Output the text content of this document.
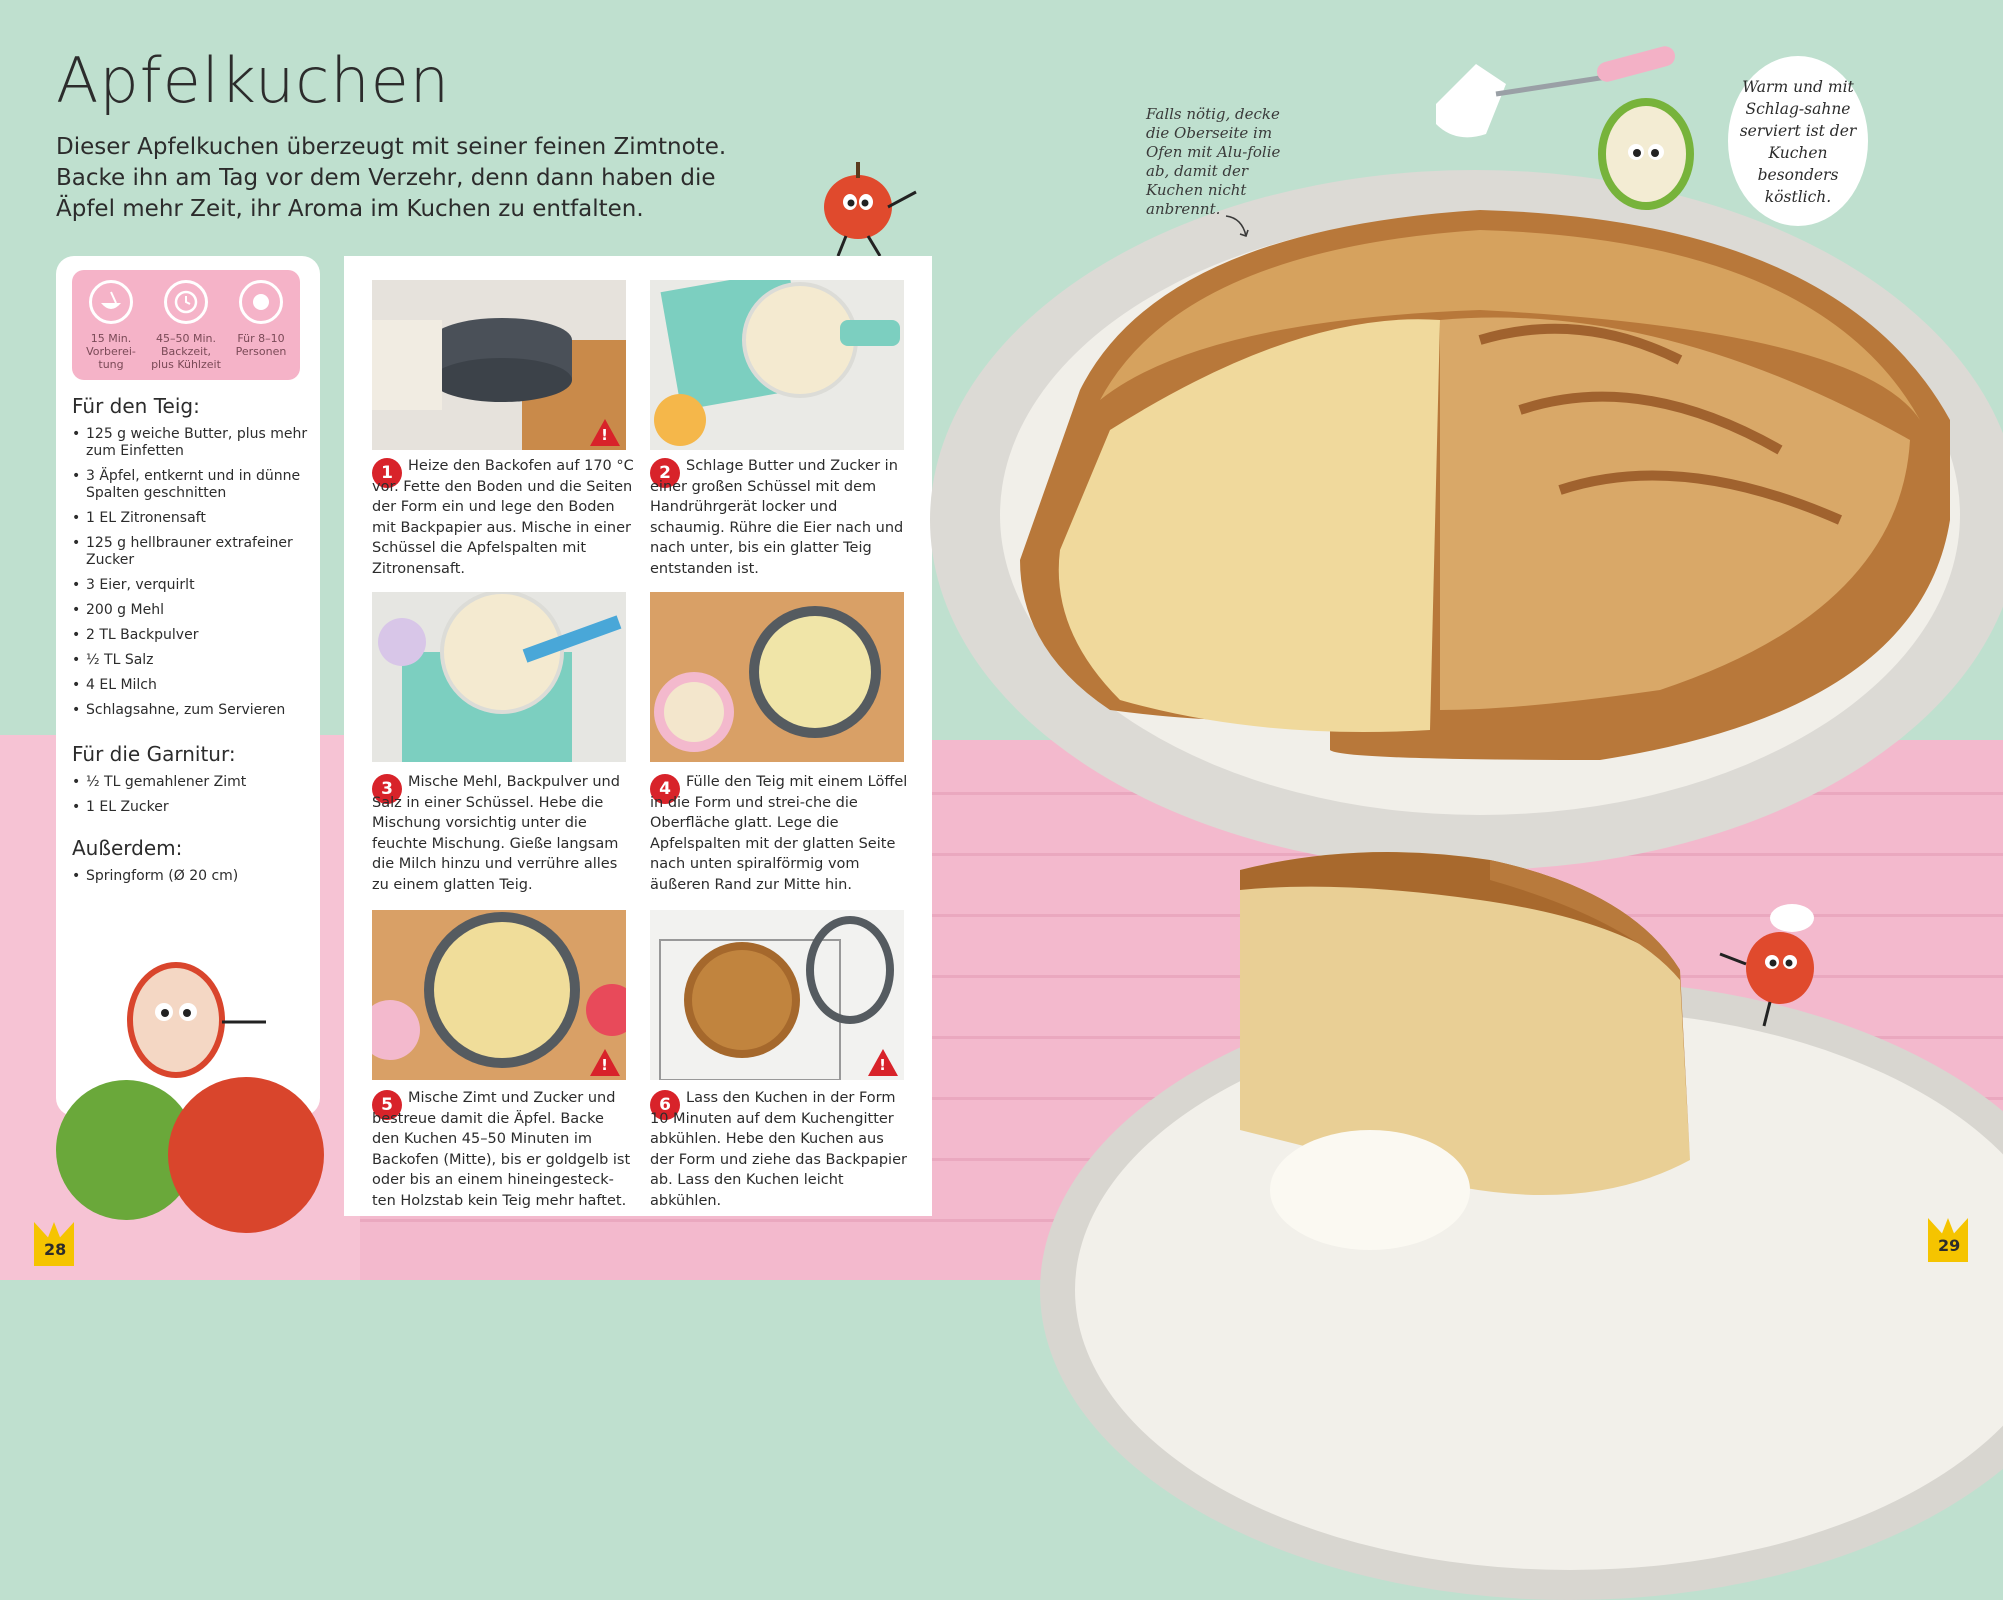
Apfelkuchen
Dieser Apfelkuchen überzeugt mit seiner feinen Zimtnote. Backe ihn am Tag vor dem Verzehr, denn dann haben die Äpfel mehr Zeit, ihr Aroma im Kuchen zu entfalten.
15 Min. Vorberei-tung
45–50 Min. Backzeit, plus Kühlzeit
Für 8–10 Personen
Für den Teig:
• 125 g weiche Butter, plus mehr zum Einfetten
• 3 Äpfel, entkernt und in dünne Spalten geschnitten
• 1 EL Zitronensaft
• 125 g hellbrauner extrafeiner Zucker
• 3 Eier, verquirlt
• 200 g Mehl
• 2 TL Backpulver
• ½ TL Salz
• 4 EL Milch
• Schlagsahne, zum Servieren
Für die Garnitur:
• ½ TL gemahlener Zimt
• 1 EL Zucker
Außerdem:
• Springform (Ø 20 cm)
!
1	Heize den Backofen auf 170 °C vor. Fette den Boden und die Seiten der Form ein und lege den Boden mit Backpapier aus. Mische in einer Schüssel die Apfelspalten mit Zitronensaft.
2	Schlage Butter und Zucker in einer großen Schüssel mit dem Handrührgerät locker und schaumig. Rühre die Eier nach und nach unter, bis ein glatter Teig entstanden ist.
3	Mische Mehl, Backpulver und Salz in einer Schüssel. Hebe die Mischung vorsichtig unter die feuchte Mischung. Gieße langsam die Milch hinzu und verrühre alles zu einem glatten Teig.
4	Fülle den Teig mit einem Löffel in die Form und strei-che die Oberfläche glatt. Lege die Apfelspalten mit der glatten Seite nach unten spiralförmig vom äußeren Rand zur Mitte hin.
!
5	Mische Zimt und Zucker und bestreue damit die Äpfel. Backe den Kuchen 45–50 Minuten im Backofen (Mitte), bis er goldgelb ist oder bis an einem hineingesteck-ten Holzstab kein Teig mehr haftet.
!
6	Lass den Kuchen in der Form 10 Minuten auf dem Kuchengitter abkühlen. Hebe den Kuchen aus der Form und ziehe das Backpapier ab. Lass den Kuchen leicht abkühlen.
Falls nötig, decke die Oberseite im Ofen mit Alu-folie ab, damit der Kuchen nicht anbrennt.
Warm und mit Schlag-sahne serviert ist der Kuchen besonders köstlich.
28	29
